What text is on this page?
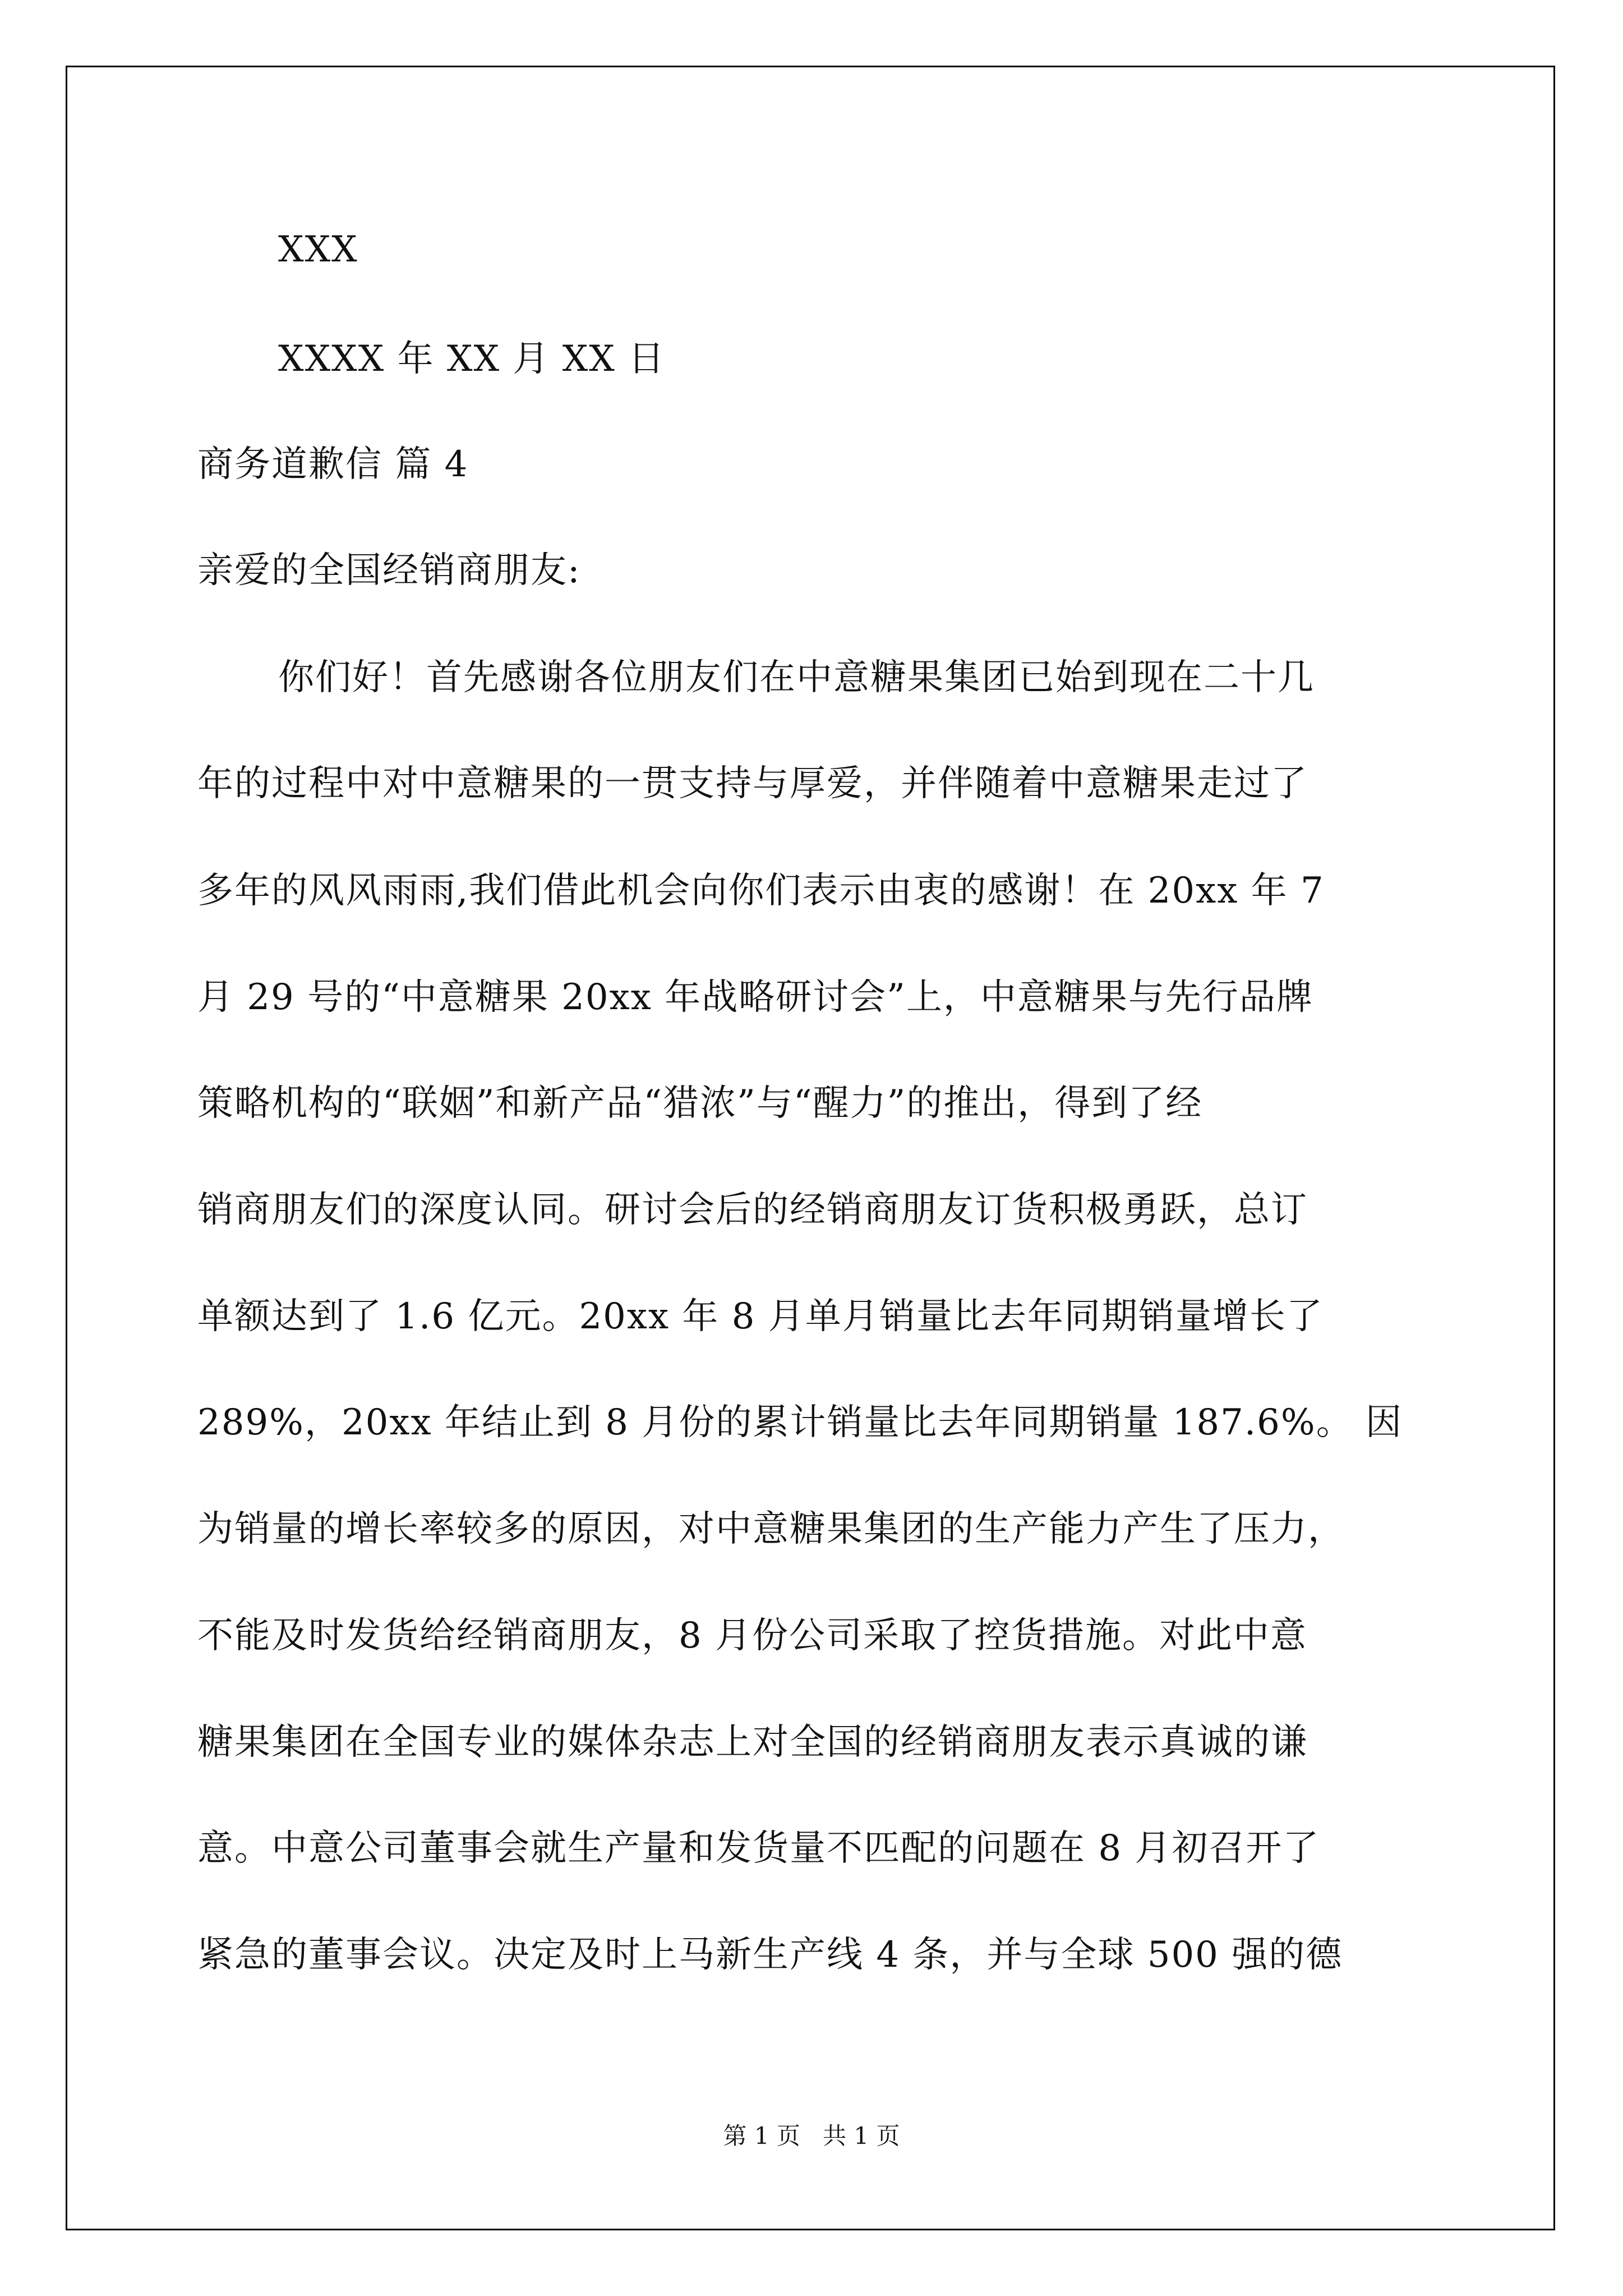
XXX
XXXX 年 XX 月 XX 日
商务道歉信 篇 4
亲爱的全国经销商朋友:
你们好！首先感谢各位朋友们在中意糖果集团已始到现在二十几
年的过程中对中意糖果的一贯支持与厚爱，并伴随着中意糖果走过了
多年的风风雨雨,我们借此机会向你们表示由衷的感谢！在 20xx 年 7
月 29 号的“中意糖果 20xx 年战略研讨会”上，中意糖果与先行品牌
策略机构的“联姻”和新产品“猎浓”与“醒力”的推出，得到了经
销商朋友们的深度认同。研讨会后的经销商朋友订货积极勇跃，总订
单额达到了 1.6 亿元。20xx 年 8 月单月销量比去年同期销量增长了
289%，20xx 年结止到 8 月份的累计销量比去年同期销量 187.6%。 因
为销量的增长率较多的原因，对中意糖果集团的生产能力产生了压力，
不能及时发货给经销商朋友，8 月份公司采取了控货措施。对此中意
糖果集团在全国专业的媒体杂志上对全国的经销商朋友表示真诚的谦
意。中意公司董事会就生产量和发货量不匹配的问题在 8 月初召开了
紧急的董事会议。决定及时上马新生产线 4 条，并与全球 500 强的德
第 1 页   共 1 页
